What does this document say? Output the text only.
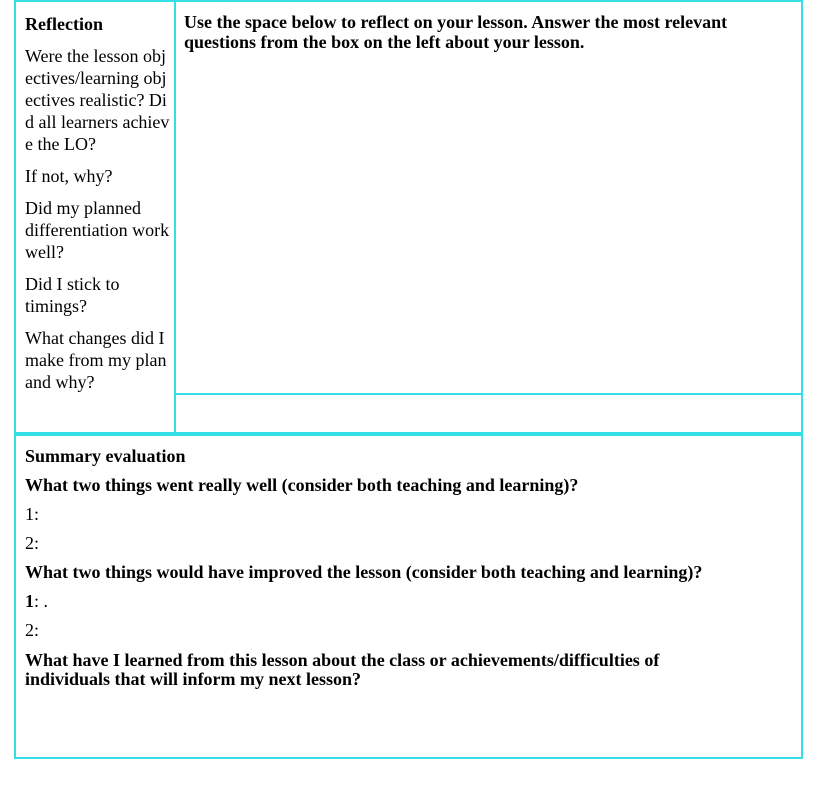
Reflection
Were the lesson objectives/learning objectives realistic? Did all learners achieve the LO?
If not, why?
Did my planned differentiation work well?
Did I stick to timings?
What changes did I make from my plan and why?
Use the space below to reflect on your lesson. Answer the most relevant
questions from the box on the left about your lesson.
Summary evaluation
What two things went really well (consider both teaching and learning)?
1:
2:
What two things would have improved the lesson (consider both teaching and learning)?
1: .
2:
What have I learned from this lesson about the class or achievements/difficulties of
individuals that will inform my next lesson?
